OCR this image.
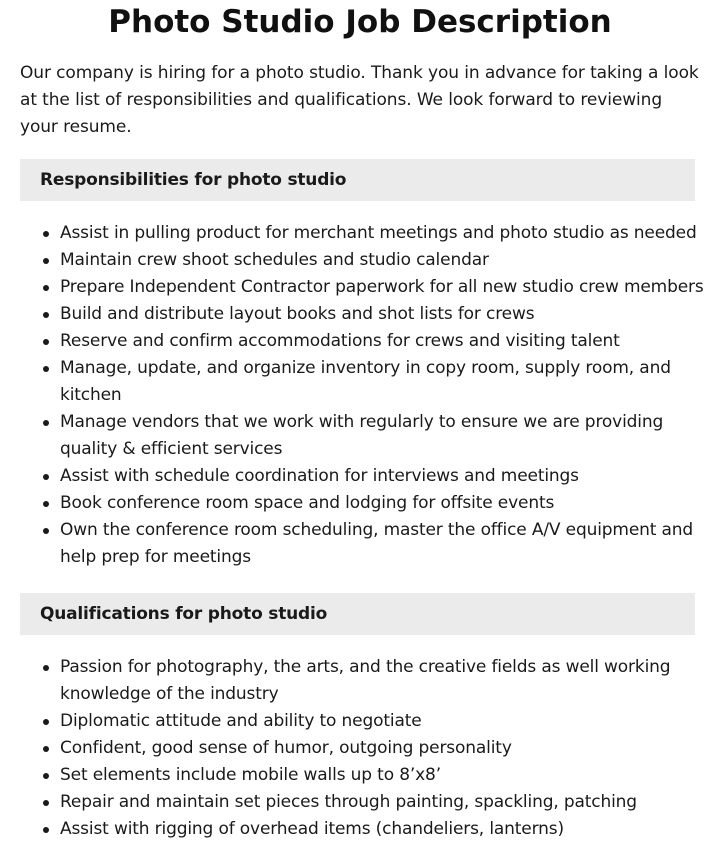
Photo Studio Job Description

Our company is hiring for a photo studio. Thank you in advance for taking a look at the list of responsibilities and qualifications. We look forward to reviewing your resume.

Responsibilities for photo studio
Assist in pulling product for merchant meetings and photo studio as needed
Maintain crew shoot schedules and studio calendar
Prepare Independent Contractor paperwork for all new studio crew members
Build and distribute layout books and shot lists for crews
Reserve and confirm accommodations for crews and visiting talent
Manage, update, and organize inventory in copy room, supply room, and kitchen
Manage vendors that we work with regularly to ensure we are providing quality & efficient services
Assist with schedule coordination for interviews and meetings
Book conference room space and lodging for offsite events
Own the conference room scheduling, master the office A/V equipment and help prep for meetings
Qualifications for photo studio
Passion for photography, the arts, and the creative fields as well working knowledge of the industry
Diplomatic attitude and ability to negotiate
Confident, good sense of humor, outgoing personality
Set elements include mobile walls up to 8’x8’
Repair and maintain set pieces through painting, spackling, patching
Assist with rigging of overhead items (chandeliers, lanterns)
